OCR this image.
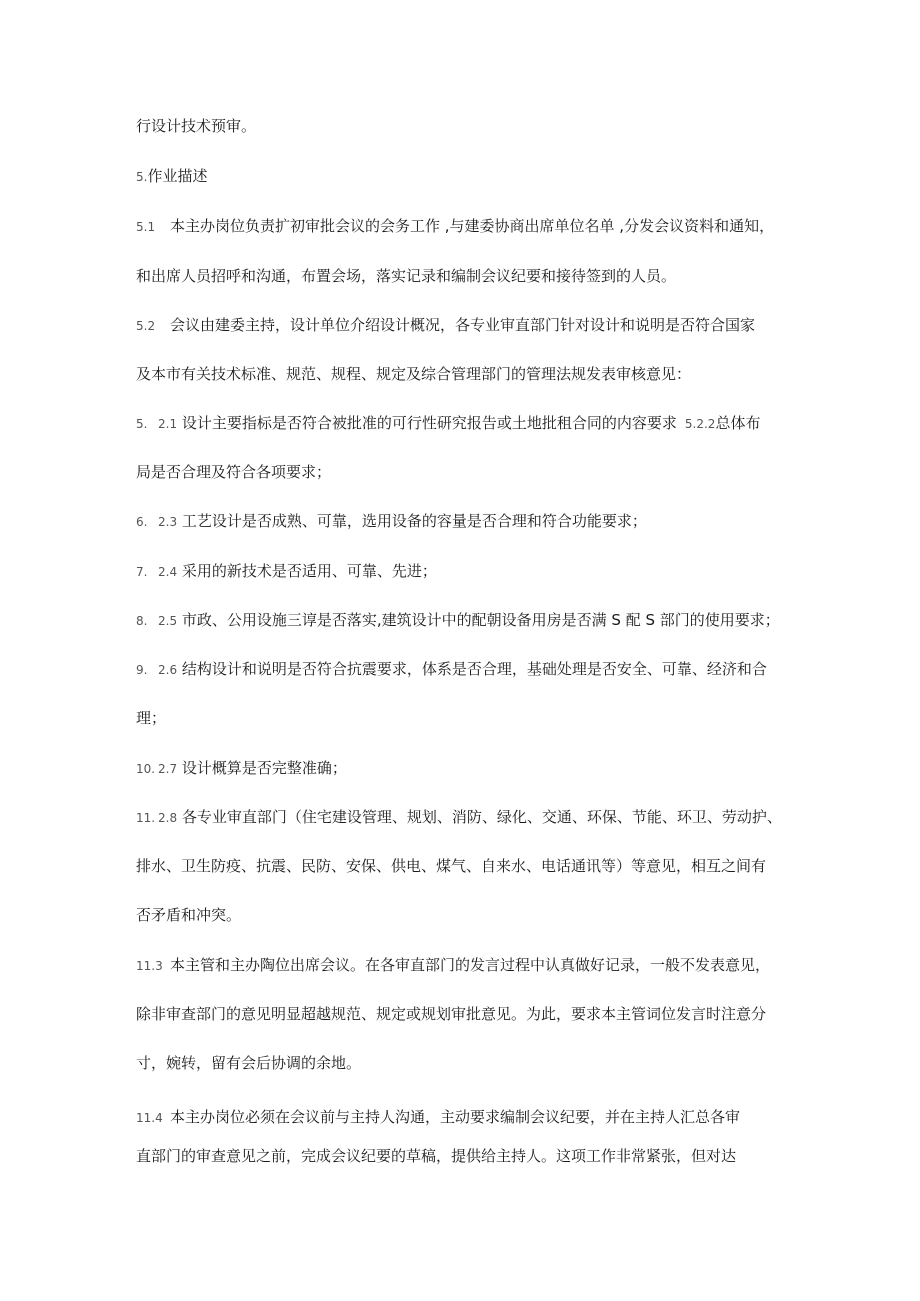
行设计技术预审。
5.作业描述
5.1 本主办岗位负责扩初审批会议的会务工作 ,与建委协商出席单位名单 ,分发会议资料和通知，
和出席人员招呼和沟通，布置会场，落实记录和编制会议纪要和接待签到的人员。
5.2 会议由建委主持，设计单位介绍设计概况，各专业审直部门针对设计和说明是否符合国家
及本市有关技术标准、规范、规程、规定及综合管理部门的管理法规发表审核意见：
5. 2.1 设计主要指标是否符合被批准的可行性研究报告或土地批租合同的内容要求 5.2.2总体布
局是否合理及符合各项要求；
6. 2.3 工艺设计是否成熟、可靠，选用设备的容量是否合理和符合功能要求；
7. 2.4 采用的新技术是否适用、可靠、先进；
8. 2.5 市政、公用设施三谆是否落实,建筑设计中的配朝设备用房是否满 S 配 S 部门的使用要求；
9. 2.6 结构设计和说明是否符合抗震要求，体系是否合理，基础处理是否安全、可靠、经济和合
理；
10. 2.7 设计概算是否完整准确；
11. 2.8 各专业审直部门（住宅建设管理、规划、消防、绿化、交通、环保、节能、环卫、劳动护、
排水、卫生防疫、抗震、民防、安保、供电、煤气、自来水、电话通讯等）等意见，相互之间有
否矛盾和冲突。
11.3 本主管和主办陶位出席会议。在各审直部门的发言过程中认真做好记录，一般不发表意见，
除非审查部门的意见明显超越规范、规定或规划审批意见。为此，要求本主管词位发言时注意分
寸，婉转，留有会后协调的余地。
11.4 本主办岗位必须在会议前与主持人沟通，主动要求编制会议纪要，并在主持人汇总各审
直部门的审查意见之前，完成会议纪要的草稿，提供给主持人。这项工作非常紧张，但对达
